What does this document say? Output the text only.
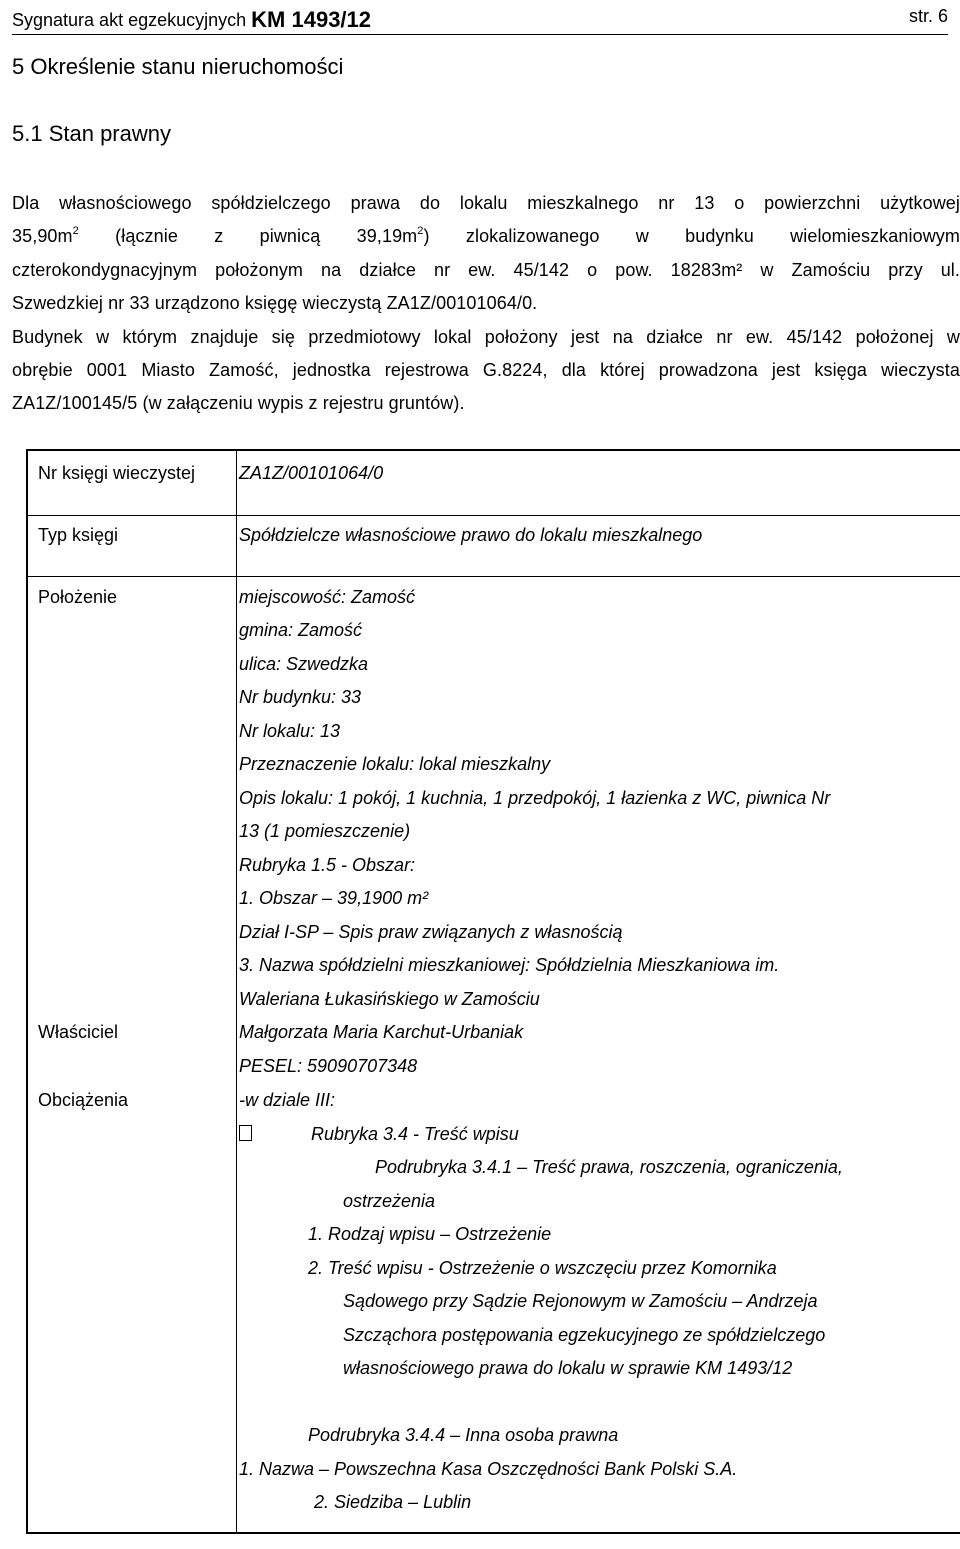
Sygnatura akt egzekucyjnych KM 1493/12	str. 6
5 Określenie stanu nieruchomości
5.1 Stan prawny
Dla własnościowego spółdzielczego prawa do lokalu mieszkalnego nr 13 o powierzchni użytkowej
$35,90m^2$ (łącznie z piwnicą $39,19m^2$) zlokalizowanego w budynku wielomieszkaniowym
czterokondygnacyjnym położonym na działce nr ew. 45/142 o pow. 18283m² w Zamościu przy ul.
Szwedzkiej nr 33 urządzono księgę wieczystą ZA1Z/00101064/0.
Budynek w którym znajduje się przedmiotowy lokal położony jest na działce nr ew. 45/142 położonej w
obrębie 0001 Miasto Zamość, jednostka rejestrowa G.8224, dla której prowadzona jest księga wieczysta
ZA1Z/100145/5 (w załączeniu wypis z rejestru gruntów).
Nr księgi wieczystej ZA1Z/00101064/0
Typ księgi	Spółdzielcze własnościowe prawo do lokalu mieszkalnego
Położenie	miejscowość: Zamość
gmina: Zamość
ulica: Szwedzka
Nr budynku: 33
Nr lokalu: 13
Przeznaczenie lokalu: lokal mieszkalny
Opis lokalu: 1 pokój, 1 kuchnia, 1 przedpokój, 1 łazienka z WC, piwnica Nr
13 (1 pomieszczenie)
Rubryka 1.5 - Obszar:
1. Obszar – 39,1900 m²
Dział I-SP – Spis praw związanych z własnością
3. Nazwa spółdzielni mieszkaniowej: Spółdzielnia Mieszkaniowa im.
Waleriana Łukasińskiego w Zamościu
Właściciel	Małgorzata Maria Karchut-Urbaniak
PESEL: 59090707348
Obciążenia	-w dziale III:
Rubryka 3.4 - Treść wpisu
Podrubryka 3.4.1 – Treść prawa, roszczenia, ograniczenia,
ostrzeżenia
1. Rodzaj wpisu – Ostrzeżenie
2. Treść wpisu - Ostrzeżenie o wszczęciu przez Komornika
Sądowego przy Sądzie Rejonowym w Zamościu – Andrzeja
Szcząchora postępowania egzekucyjnego ze spółdzielczego
własnościowego prawa do lokalu w sprawie KM 1493/12
Podrubryka 3.4.4 – Inna osoba prawna
1. Nazwa – Powszechna Kasa Oszczędności Bank Polski S.A.
2. Siedziba – Lublin
